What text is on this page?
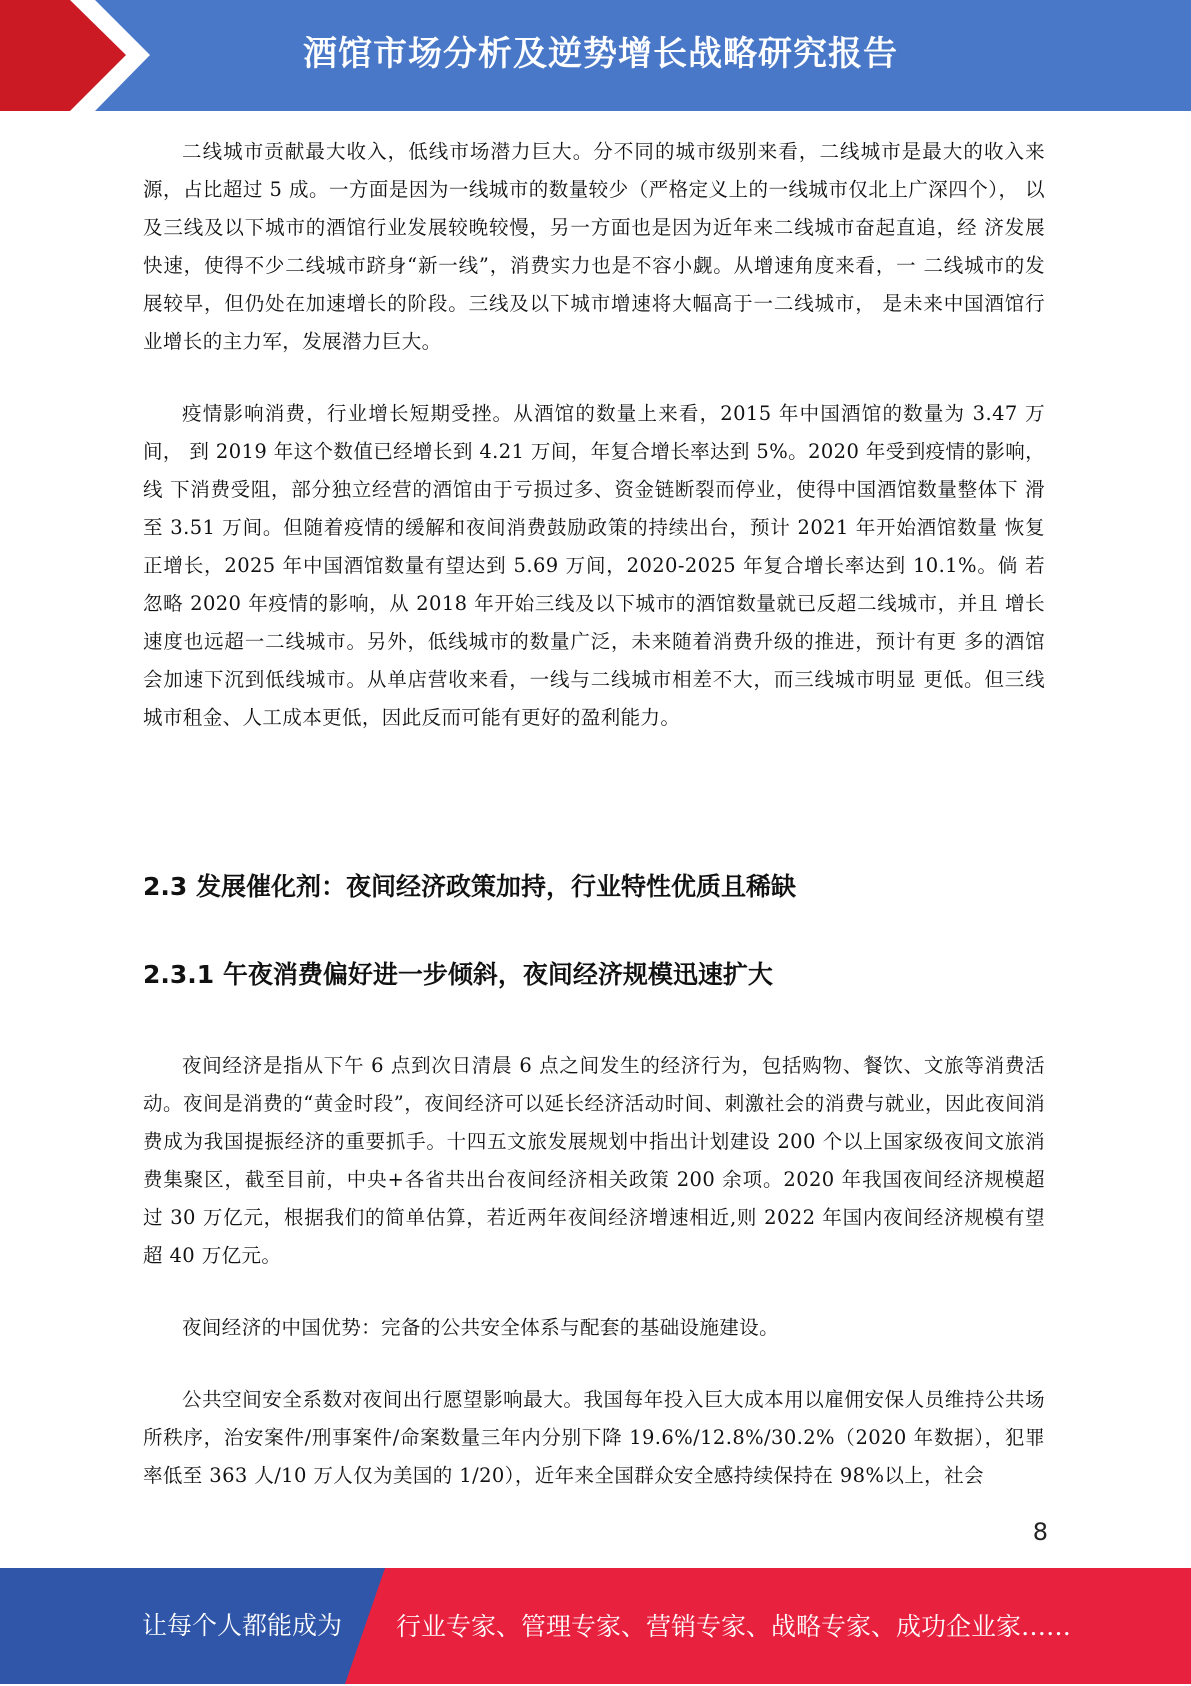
酒馆市场分析及逆势增长战略研究报告

二线城市贡献最大收入，低线市场潜力巨大。分不同的城市级别来看，二线城市是最大的收入来 源，占比超过 5 成。一方面是因为一线城市的数量较少（严格定义上的一线城市仅北上广深四个）， 以及三线及以下城市的酒馆行业发展较晚较慢，另一方面也是因为近年来二线城市奋起直追，经 济发展快速，使得不少二线城市跻身“新一线”，消费实力也是不容小觑。从增速角度来看，一 二线城市的发展较早，但仍处在加速增长的阶段。三线及以下城市增速将大幅高于一二线城市， 是未来中国酒馆行业增长的主力军，发展潜力巨大。

疫情影响消费，行业增长短期受挫。从酒馆的数量上来看，2015 年中国酒馆的数量为 3.47 万间， 到 2019 年这个数值已经增长到 4.21 万间，年复合增长率达到 5%。2020 年受到疫情的影响，线 下消费受阻，部分独立经营的酒馆由于亏损过多、资金链断裂而停业，使得中国酒馆数量整体下 滑至 3.51 万间。但随着疫情的缓解和夜间消费鼓励政策的持续出台，预计 2021 年开始酒馆数量 恢复正增长，2025 年中国酒馆数量有望达到 5.69 万间，2020-2025 年复合增长率达到 10.1%。倘 若忽略 2020 年疫情的影响，从 2018 年开始三线及以下城市的酒馆数量就已反超二线城市，并且 增长速度也远超一二线城市。另外，低线城市的数量广泛，未来随着消费升级的推进，预计有更 多的酒馆会加速下沉到低线城市。从单店营收来看，一线与二线城市相差不大，而三线城市明显 更低。但三线城市租金、人工成本更低，因此反而可能有更好的盈利能力。

2.3 发展催化剂：夜间经济政策加持，行业特性优质且稀缺
2.3.1 午夜消费偏好进一步倾斜，夜间经济规模迅速扩大

夜间经济是指从下午 6 点到次日清晨 6 点之间发生的经济行为，包括购物、餐饮、文旅等消费活动。夜间是消费的“黄金时段”，夜间经济可以延长经济活动时间、刺激社会的消费与就业，因此夜间消费成为我国提振经济的重要抓手。十四五文旅发展规划中指出计划建设 200 个以上国家级夜间文旅消费集聚区，截至目前，中央+各省共出台夜间经济相关政策 200 余项。2020 年我国夜间经济规模超过 30 万亿元，根据我们的简单估算，若近两年夜间经济增速相近,则 2022 年国内夜间经济规模有望超 40 万亿元。

夜间经济的中国优势：完备的公共安全体系与配套的基础设施建设。

公共空间安全系数对夜间出行愿望影响最大。我国每年投入巨大成本用以雇佣安保人员维持公共场所秩序，治安案件/刑事案件/命案数量三年内分别下降 19.6%/12.8%/30.2%（2020 年数据），犯罪率低至 363 人/10 万人仅为美国的 1/20），近年来全国群众安全感持续保持在 98%以上，社会

8
让每个人都能成为 行业专家、管理专家、营销专家、战略专家、成功企业家……
